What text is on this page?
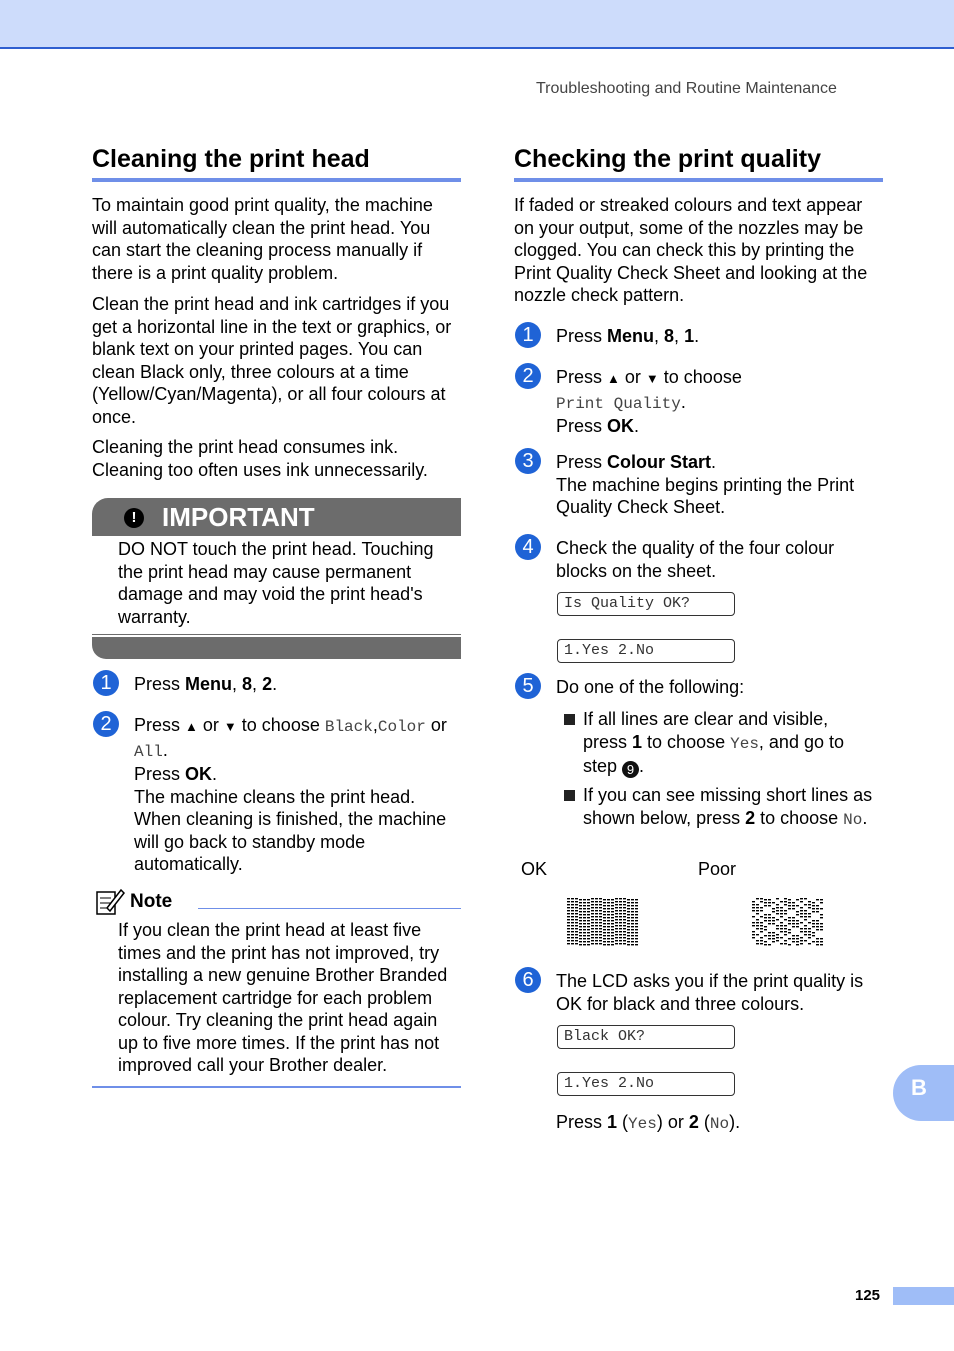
Troubleshooting and Routine Maintenance
Cleaning the print head
To maintain good print quality, the machine
will automatically clean the print head. You
can start the cleaning process manually if
there is a print quality problem.
Clean the print head and ink cartridges if you
get a horizontal line in the text or graphics, or
blank text on your printed pages. You can
clean Black only, three colours at a time
(Yellow/Cyan/Magenta), or all four colours at
once.
Cleaning the print head consumes ink.
Cleaning too often uses ink unnecessarily.
! IMPORTANT
DO NOT touch the print head. Touching
the print head may cause permanent
damage and may void the print head's
warranty.
1	Press Menu, 8, 2.
2	Press ▲ or ▼ to choose Black,Color or
All.
Press OK.
The machine cleans the print head.
When cleaning is finished, the machine
will go back to standby mode
automatically.
Note
If you clean the print head at least five
times and the print has not improved, try
installing a new genuine Brother Branded
replacement cartridge for each problem
colour. Try cleaning the print head again
up to five more times. If the print has not
improved call your Brother dealer.
Checking the print quality
If faded or streaked colours and text appear
on your output, some of the nozzles may be
clogged. You can check this by printing the
Print Quality Check Sheet and looking at the
nozzle check pattern.
1	Press Menu, 8, 1.
2	Press ▲ or ▼ to choose
Print Quality.
Press OK.
3	Press Colour Start.
The machine begins printing the Print
Quality Check Sheet.
4	Check the quality of the four colour
blocks on the sheet.
Is Quality OK?
1.Yes 2.No
5	Do one of the following:
If all lines are clear and visible,
press 1 to choose Yes, and go to
step 9 .
If you can see missing short lines as
shown below, press 2 to choose No.
OK	Poor
6	The LCD asks you if the print quality is
OK for black and three colours.
Black OK?
1.Yes 2.No
Press 1 (Yes) or 2 (No).
B
125
